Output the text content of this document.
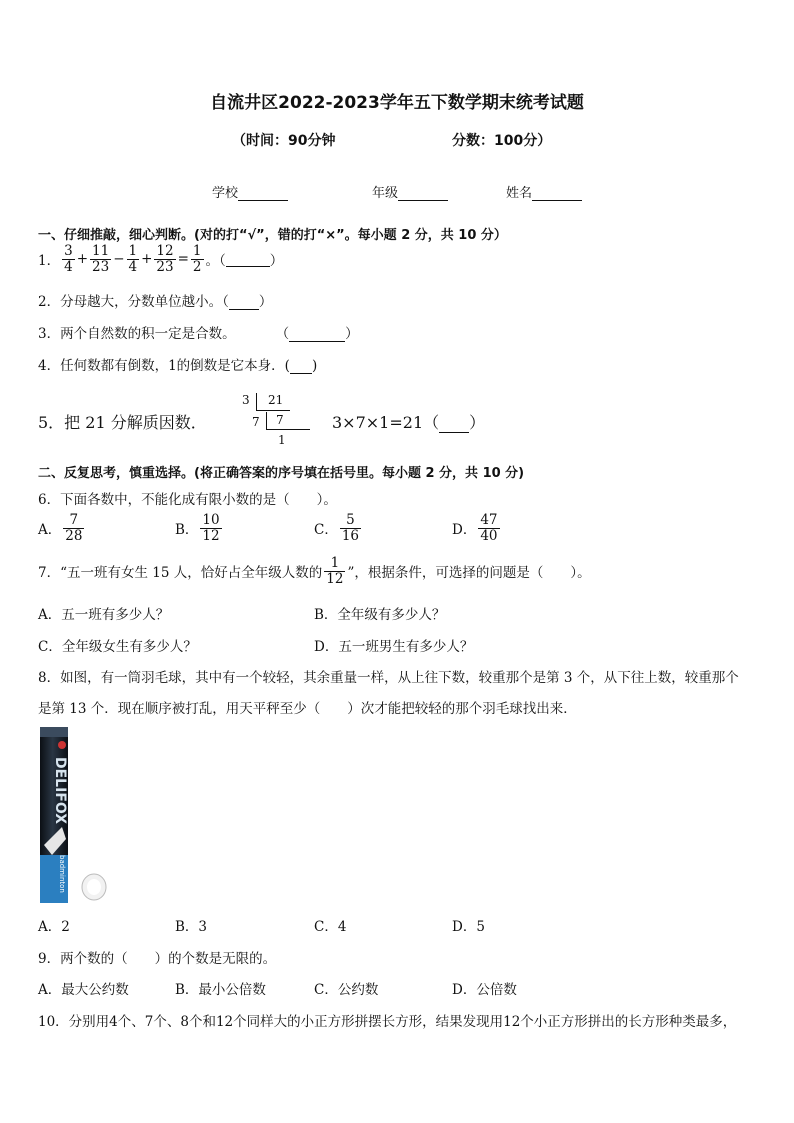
自流井区2022-2023学年五下数学期末统考试题
（时间：90分钟	分数：100分）
学校	年级	姓名
一、仔细推敲，细心判断。(对的打“√”，错的打“×”。每小题 2 分，共 10 分）
1． $\frac{3}{4} + \frac{11}{23} - \frac{1}{4} + \frac{12}{23} = \frac{1}{2}$ 。（	）
2．分母越大，分数单位越小。（ ）
3．两个自然数的积一定是合数。	（	）
4．任何数都有倒数，1的倒数是它本身．( )
5．把 21 分解质因数．
3 21
7 7
1
3×7×1=21（ ）
二、反复思考，慎重选择。(将正确答案的序号填在括号里。每小题 2 分，共 10 分)
6．下面各数中，不能化成有限小数的是（　　）。
A． $\frac{7}{28}$	B． $\frac{10}{12}$	C． $\frac{5}{16}$	D． $\frac{47}{40}$
7．“五一班有女生 15 人，恰好占全年级人数的 $\frac{1}{12}$ ”，根据条件，可选择的问题是（　　）。
A．五一班有多少人？	B．全年级有多少人？
C．全年级女生有多少人？	D．五一班男生有多少人？
8．如图，有一筒羽毛球，其中有一个较轻，其余重量一样，从上往下数，较重那个是第 3 个，从下往上数，较重那个
是第 13 个．现在顺序被打乱，用天平秤至少（　　）次才能把较轻的那个羽毛球找出来．
DELIFOX
badminton
A．2	B．3	C．4	D．5
9．两个数的（　　）的个数是无限的。
A．最大公约数	B．最小公倍数	C．公约数	D．公倍数
10．分别用4个、7个、8个和12个同样大的小正方形拼摆长方形，结果发现用12个小正方形拼出的长方形种类最多，
